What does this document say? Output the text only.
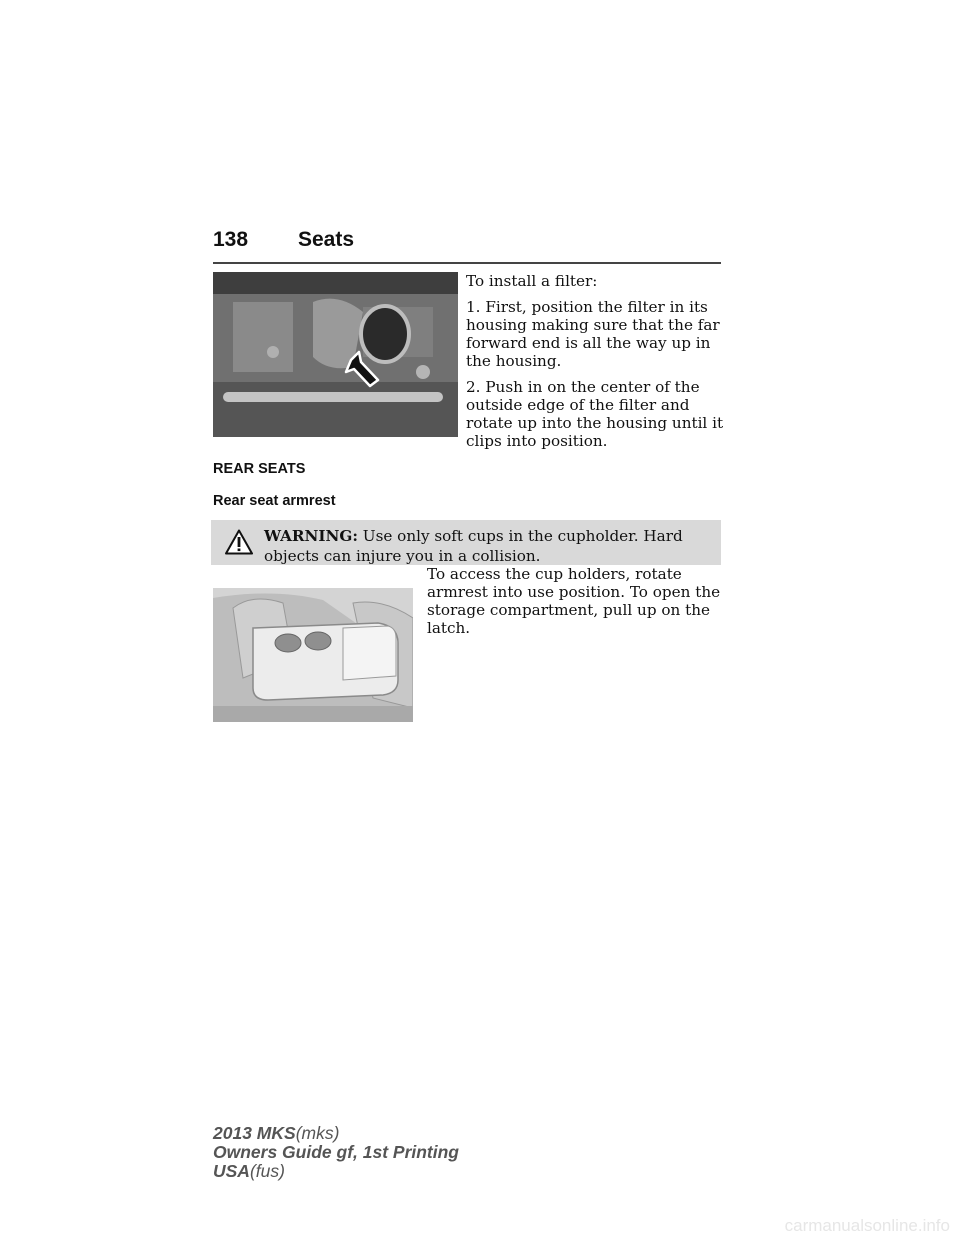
138 Seats

To install a filter:

1. First, position the filter in its housing making sure that the far forward end is all the way up in the housing.

2. Push in on the center of the outside edge of the filter and rotate up into the housing until it clips into position.

REAR SEATS
Rear seat armrest
WARNING: Use only soft cups in the cupholder. Hard objects can injure you in a collision.

To access the cup holders, rotate armrest into use position. To open the storage compartment, pull up on the latch.

2013 MKS(mks)
Owners Guide gf, 1st Printing
USA(fus)
carmanualsonline.info
